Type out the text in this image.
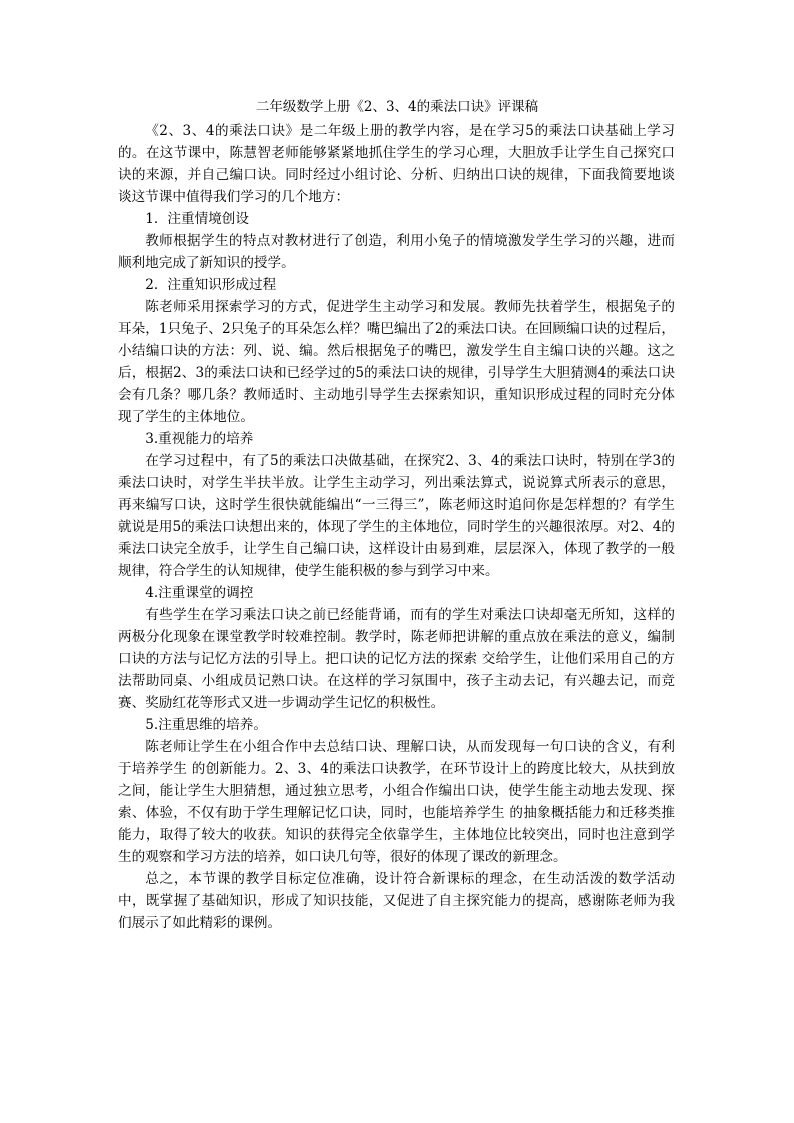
二年级数学上册《2、3、4的乘法口诀》评课稿

《2、3、4的乘法口诀》是二年级上册的教学内容，是在学习5的乘法口诀基础上学习的。在这节课中，陈慧智老师能够紧紧地抓住学生的学习心理，大胆放手让学生自己探究口诀的来源，并自己编口诀。同时经过小组讨论、分析、归纳出口诀的规律，下面我简要地谈谈这节课中值得我们学习的几个地方：

1．注重情境创设

教师根据学生的特点对教材进行了创造，利用小兔子的情境激发学生学习的兴趣，进而顺利地完成了新知识的授学。

2．注重知识形成过程

陈老师采用探索学习的方式，促进学生主动学习和发展。教师先扶着学生，根据兔子的耳朵，1只兔子、2只兔子的耳朵怎么样？嘴巴编出了2的乘法口诀。在回顾编口诀的过程后，小结编口诀的方法：列、说、编。然后根据兔子的嘴巴，激发学生自主编口诀的兴趣。这之后，根据2、3的乘法口诀和已经学过的5的乘法口诀的规律，引导学生大胆猜测4的乘法口诀会有几条？哪几条？教师适时、主动地引导学生去探索知识，重知识形成过程的同时充分体现了学生的主体地位。

3.重视能力的培养

在学习过程中，有了5的乘法口决做基础，在探究2、3、4的乘法口诀时，特别在学3的乘法口诀时，对学生半扶半放。让学生主动学习，列出乘法算式，说说算式所表示的意思，再来编写口诀，这时学生很快就能编出“一三得三”，陈老师这时追问你是怎样想的？有学生就说是用5的乘法口诀想出来的，体现了学生的主体地位，同时学生的兴趣很浓厚。对2、4的乘法口诀完全放手，让学生自己编口诀，这样设计由易到难，层层深入，体现了教学的一般规律，符合学生的认知规律，使学生能积极的参与到学习中来。

4.注重课堂的调控

有些学生在学习乘法口诀之前已经能背诵，而有的学生对乘法口诀却毫无所知，这样的两极分化现象在课堂教学时较难控制。教学时，陈老师把讲解的重点放在乘法的意义，编制口诀的方法与记忆方法的引导上。把口诀的记忆方法的探索 交给学生，让他们采用自己的方法帮助同桌、小组成员记熟口诀。在这样的学习氛围中，孩子主动去记，有兴趣去记，而竞赛、奖励红花等形式又进一步调动学生记忆的积极性。

5.注重思维的培养。

陈老师让学生在小组合作中去总结口诀、理解口诀，从而发现每一句口诀的含义，有利于培养学生 的创新能力。2、3、4的乘法口诀教学，在环节设计上的跨度比较大，从扶到放之间，能让学生大胆猜想，通过独立思考，小组合作编出口诀，使学生能主动地去发现、探索、体验，不仅有助于学生理解记忆口诀，同时，也能培养学生 的抽象概括能力和迁移类推能力，取得了较大的收获。知识的获得完全依靠学生，主体地位比较突出，同时也注意到学生的观察和学习方法的培养，如口诀几句等，很好的体现了课改的新理念。

总之，本节课的教学目标定位准确，设计符合新课标的理念，在生动活泼的数学活动中，既掌握了基础知识，形成了知识技能，又促进了自主探究能力的提高，感谢陈老师为我们展示了如此精彩的课例。
